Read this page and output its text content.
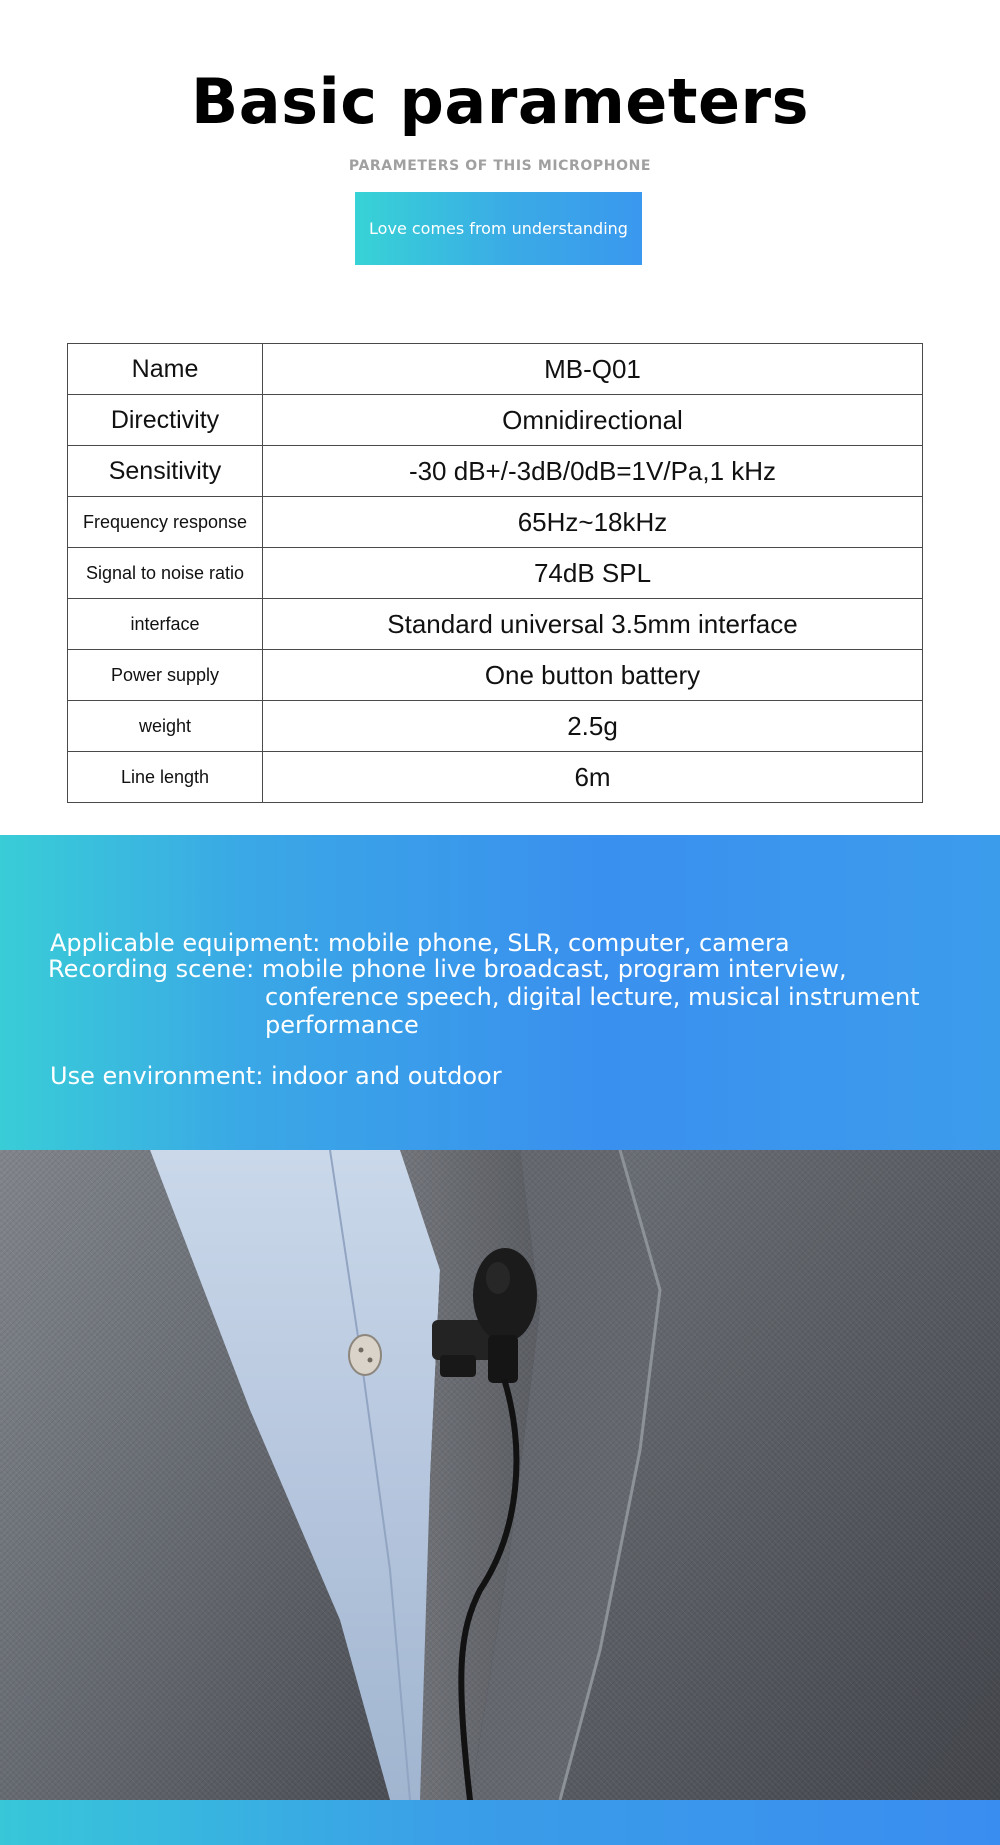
Basic parameters
PARAMETERS OF THIS MICROPHONE
Love comes from understanding
Name	MB-Q01
Directivity	Omnidirectional
Sensitivity	-30 dB+/-3dB/0dB=1V/Pa,1 kHz
Frequency response	65Hz~18kHz
Signal to noise ratio	74dB SPL
interface	Standard universal 3.5mm interface
Power supply	One button battery
weight	2.5g
Line length	6m
Applicable equipment: mobile phone, SLR, computer, camera
Recording scene: mobile phone live broadcast, program interview,
conference speech, digital lecture, musical instrument
performance
Use environment: indoor and outdoor
